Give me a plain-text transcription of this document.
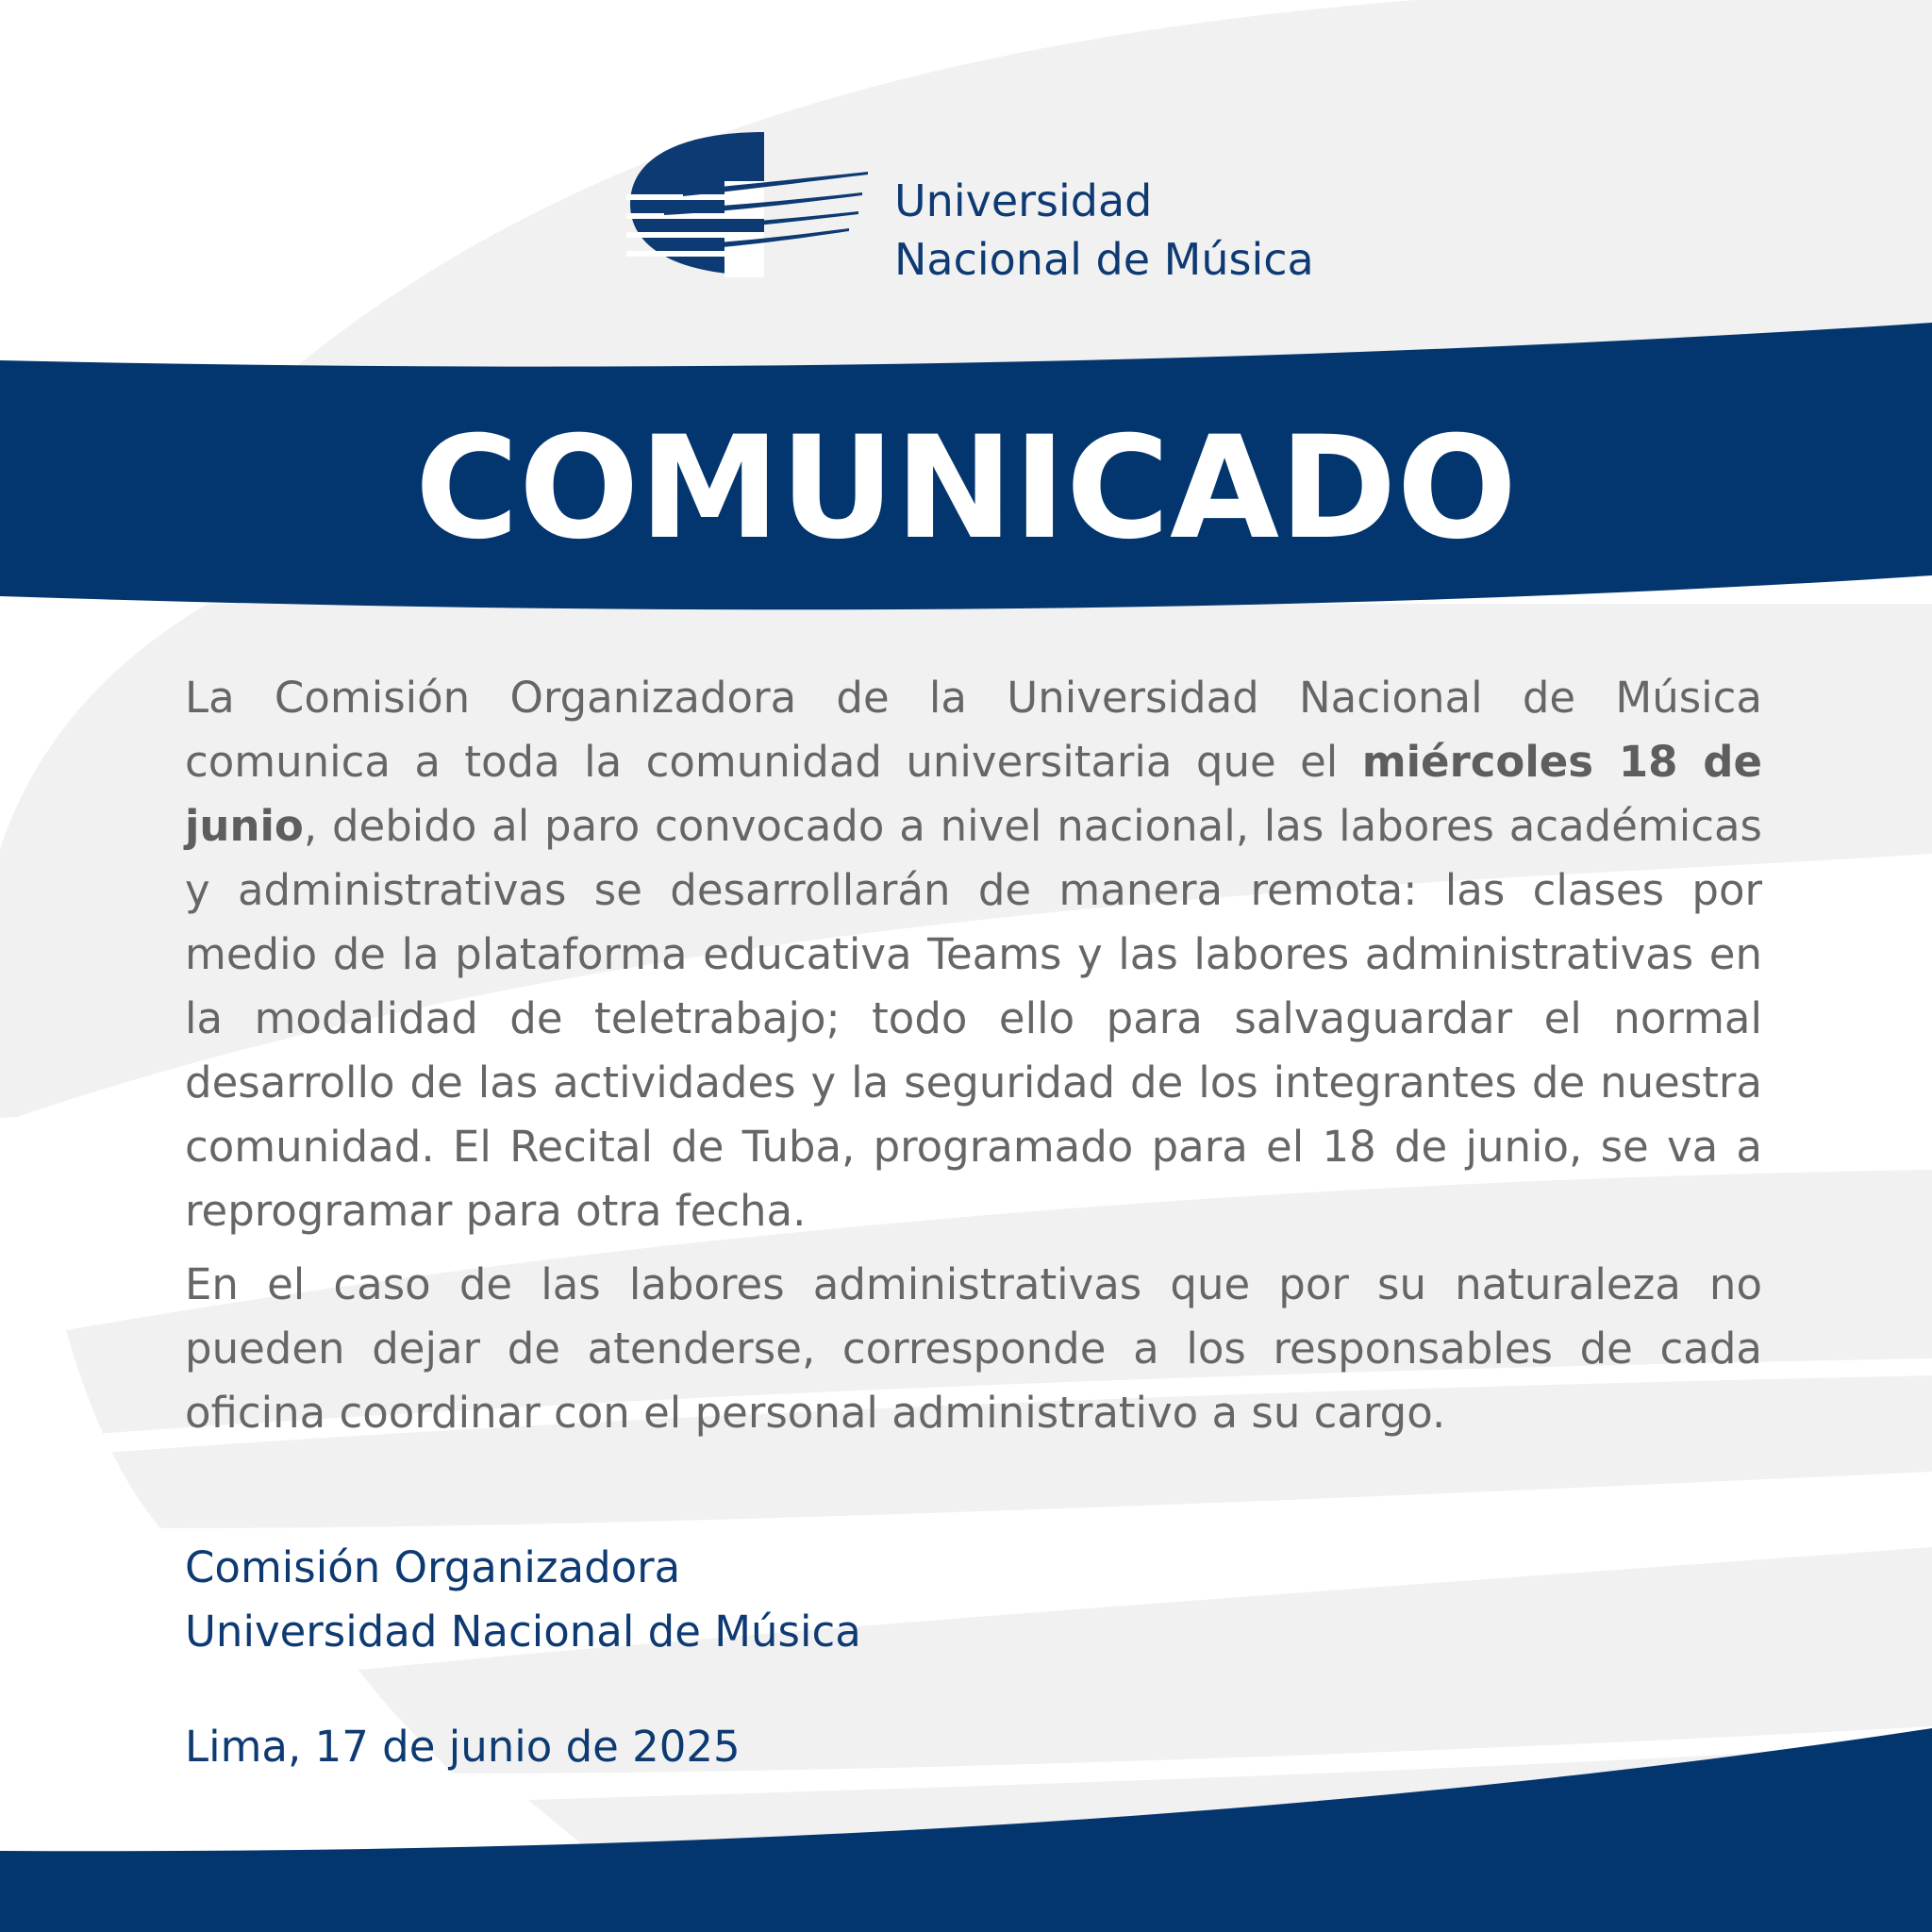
Universidad
Nacional de Música
COMUNICADO

La Comisión Organizadora de la Universidad Nacional de Música comunica a toda la comunidad universitaria que el miércoles 18 de junio, debido al paro convocado a nivel nacional, las labores académicas y administrativas se desarrollarán de manera remota: las clases por medio de la plataforma educativa Teams y las labores administrativas en la modalidad de teletrabajo; todo ello para salvaguardar el normal desarrollo de las actividades y la seguridad de los integrantes de nuestra comunidad. El Recital de Tuba, programado para el 18 de junio, se va a reprogramar para otra fecha.

En el caso de las labores administrativas que por su naturaleza no pueden dejar de atenderse, corresponde a los responsables de cada oficina coordinar con el personal administrativo a su cargo.

Comisión Organizadora
Universidad Nacional de Música
Lima, 17 de junio de 2025
